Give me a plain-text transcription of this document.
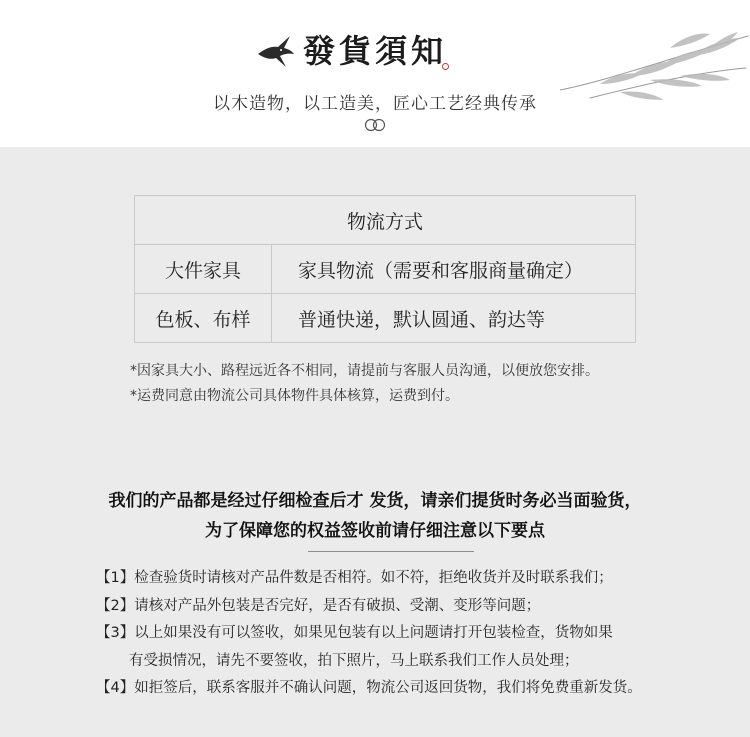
發貨須知
以木造物，以工造美，匠心工艺经典传承
物流方式	
大件家具	家具物流（需要和客服商量确定）
色板、布样	普通快递，默认圆通、韵达等
*因家具大小、路程远近各不相同，请提前与客服人员沟通，以便放您安排。
*运费同意由物流公司具体物件具体核算，运费到付。
我们的产品都是经过仔细检查后才 发货，请亲们提货时务必当面验货，
为了保障您的权益签收前请仔细注意以下要点
【1】检查验货时请核对产品件数是否相符。如不符，拒绝收货并及时联系我们；
【2】请核对产品外包装是否完好，是否有破损、受潮、变形等问题；
【3】以上如果没有可以签收，如果见包装有以上问题请打开包装检查，货物如果
有受损情况，请先不要签收，拍下照片，马上联系我们工作人员处理；
【4】如拒签后，联系客服并不确认问题，物流公司返回货物，我们将免费重新发货。
